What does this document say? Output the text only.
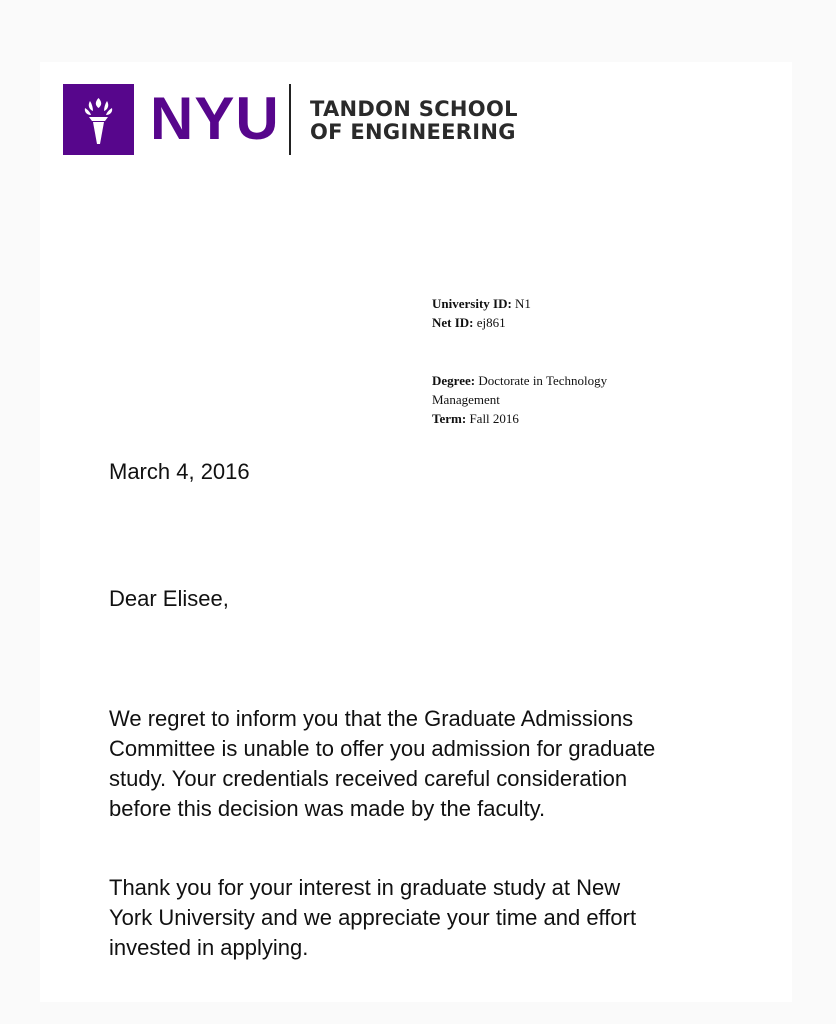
NYU TANDON SCHOOL
OF ENGINEERING
University ID: N1
Net ID: ej861
Degree: Doctorate in Technology
Management
Term: Fall 2016
March 4, 2016
Dear Elisee,
We regret to inform you that the Graduate Admissions
Committee is unable to offer you admission for graduate
study. Your credentials received careful consideration
before this decision was made by the faculty.
Thank you for your interest in graduate study at New
York University and we appreciate your time and effort
invested in applying.
